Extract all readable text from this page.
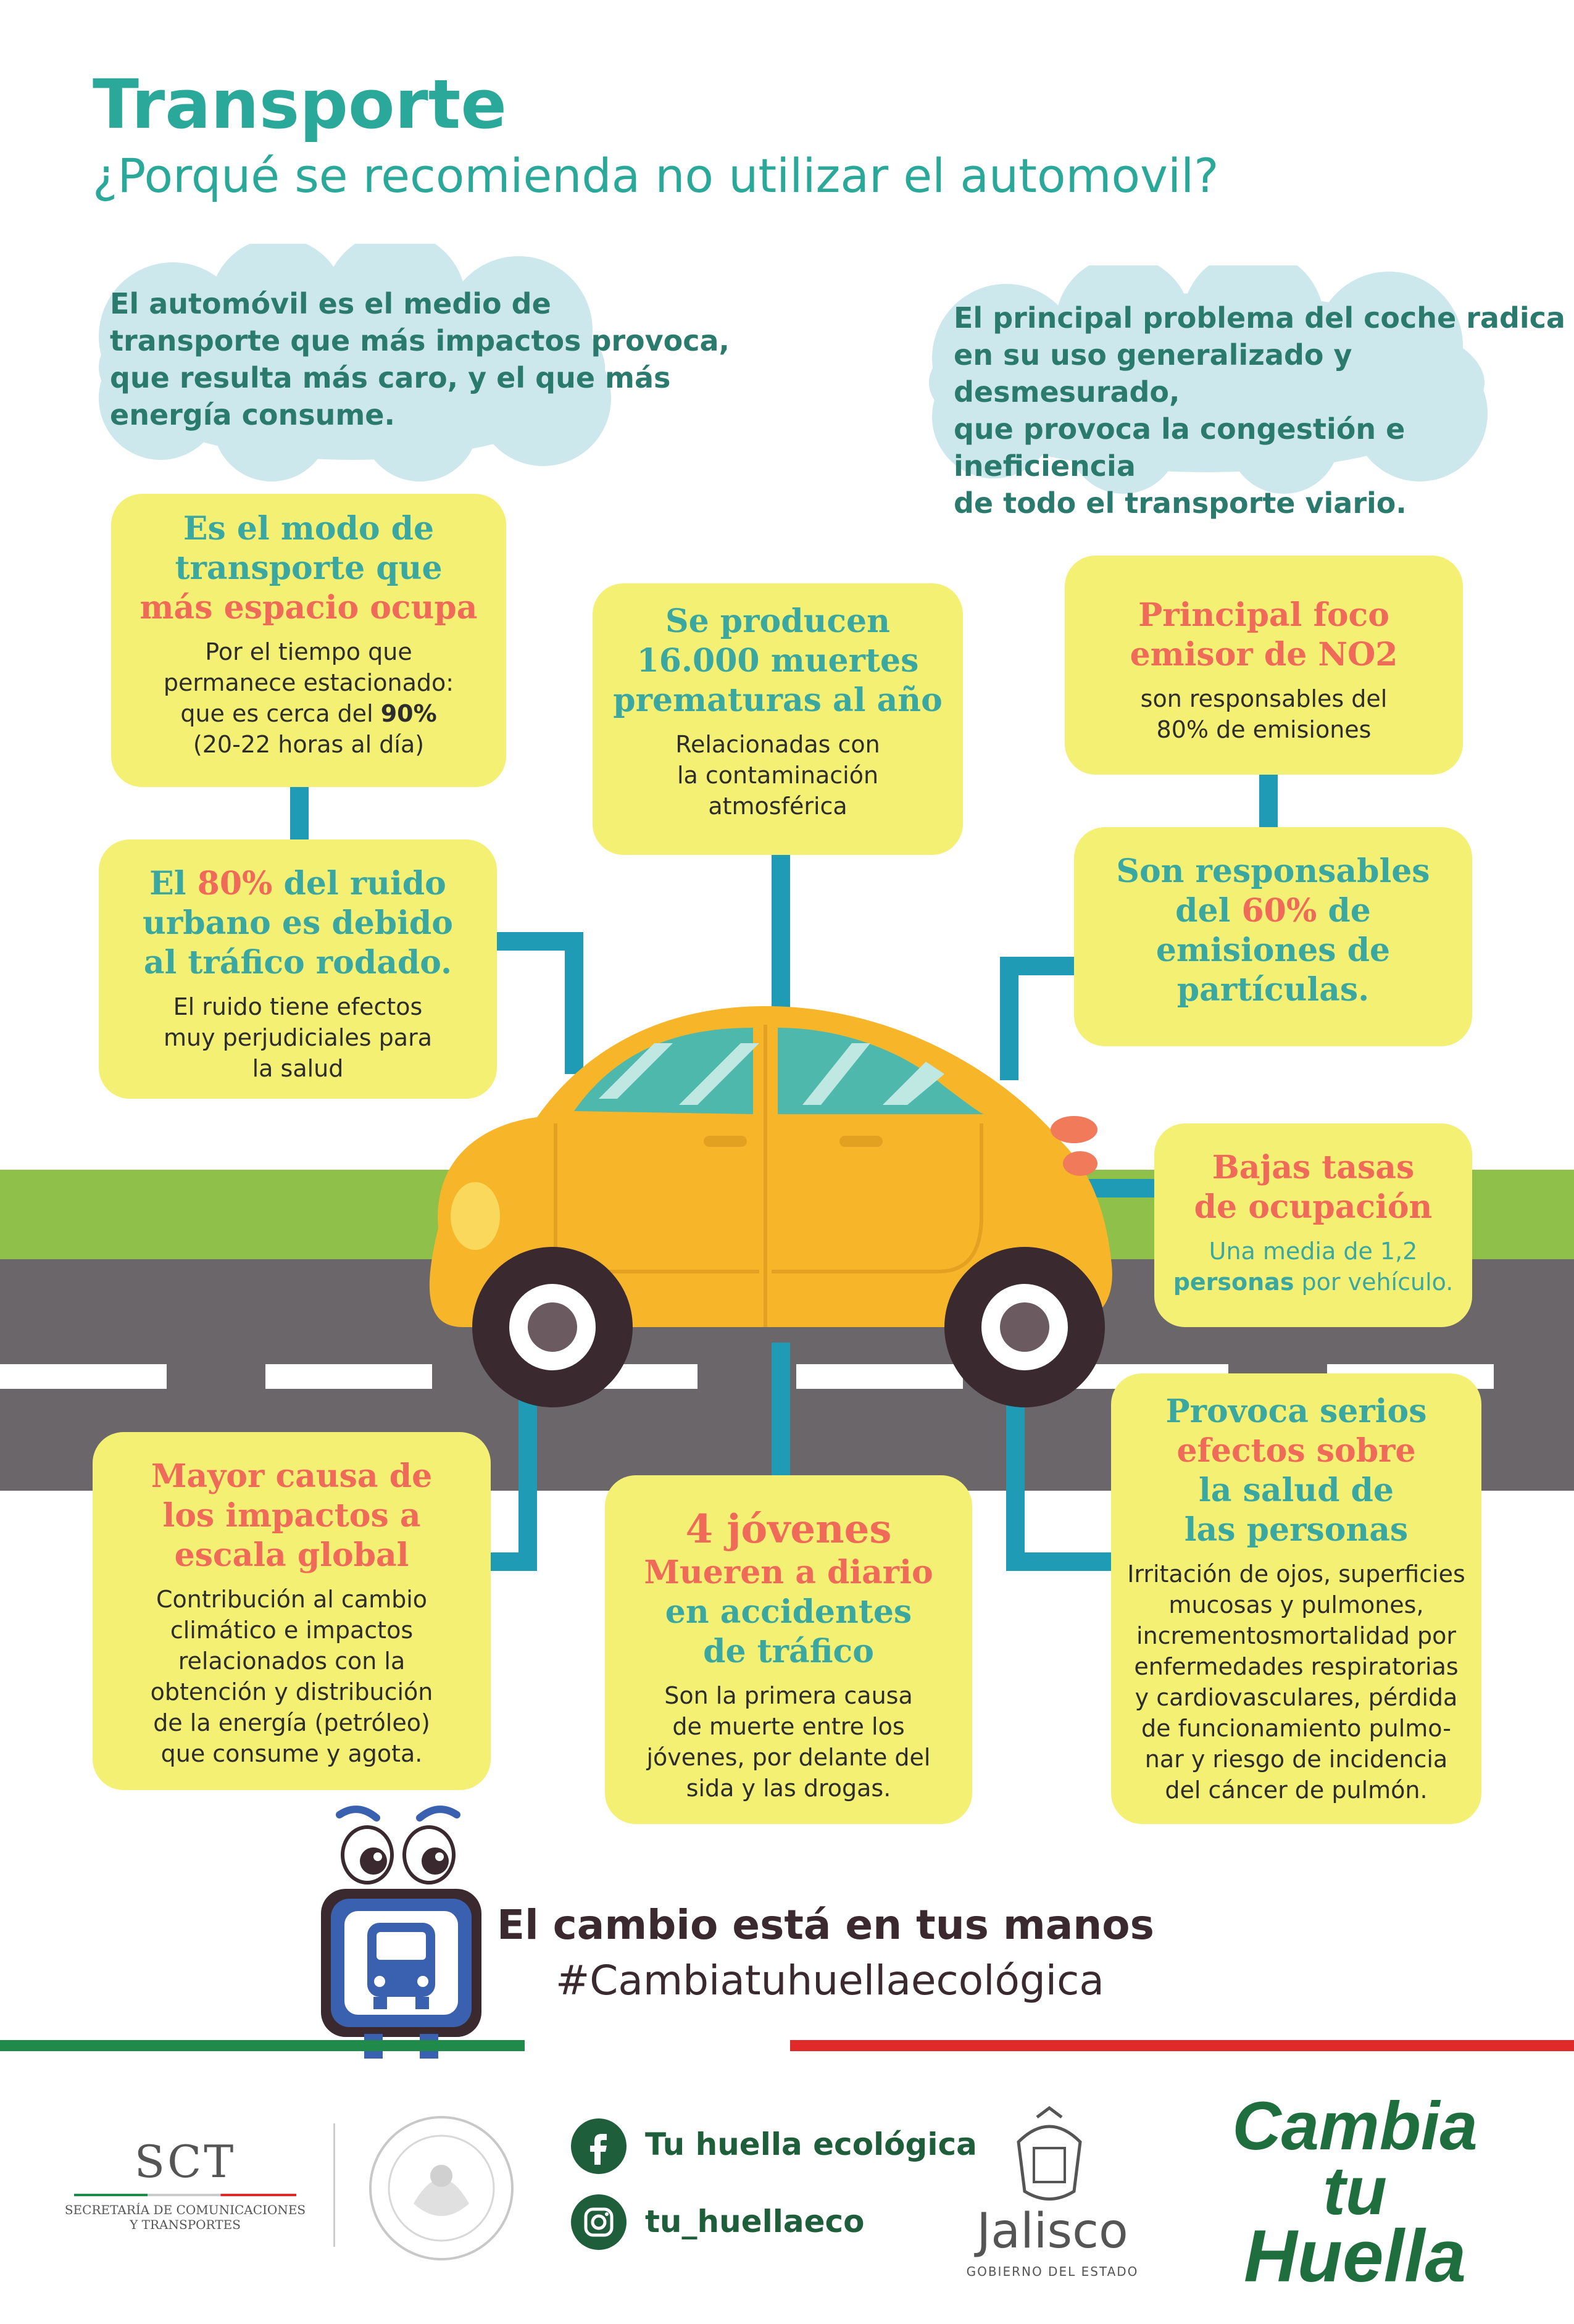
Transporte
¿Porqué se recomienda no utilizar el automovil?
El automóvil es el medio de
transporte que más impactos provoca,
que resulta más caro, y el que más
energía consume.
El principal problema del coche radica
en su uso generalizado y desmesurado,
que provoca la congestión e ineficiencia
de todo el transporte viario.
Es el modo de
transporte que
más espacio ocupa
Por el tiempo que
permanece estacionado:
que es cerca del 90%
(20-22 horas al día)
El 80% del ruido
urbano es debido
al tráfico rodado.
El ruido tiene efectos
muy perjudiciales para
la salud
Se producen
16.000 muertes
prematuras al año
Relacionadas con
la contaminación
atmosférica
Principal foco
emisor de NO2
son responsables del
80% de emisiones
Son responsables
del 60% de
emisiones de
partículas.
Bajas tasas
de ocupación
Una media de 1,2
personas por vehículo.
Mayor causa de
los impactos a
escala global
Contribución al cambio
climático e impactos
relacionados con la
obtención y distribución
de la energía (petróleo)
que consume y agota.
4 jóvenes
Mueren a diario
en accidentes
de tráfico
Son la primera causa
de muerte entre los
jóvenes, por delante del
sida y las drogas.
Provoca serios
efectos sobre
la salud de
las personas
Irritación de ojos, superficies
mucosas y pulmones,
incrementosmortalidad por
enfermedades respiratorias
y cardiovasculares, pérdida
de funcionamiento pulmo-
nar y riesgo de incidencia
del cáncer de pulmón.
El cambio está en tus manos
#Cambiatuhuellaecológica
SCT
SECRETARÍA DE COMUNICACIONES
Y TRANSPORTES
Tu huella ecológica
tu_huellaeco Jalisco
GOBIERNO DEL ESTADO
Cambia
tu
Huella
